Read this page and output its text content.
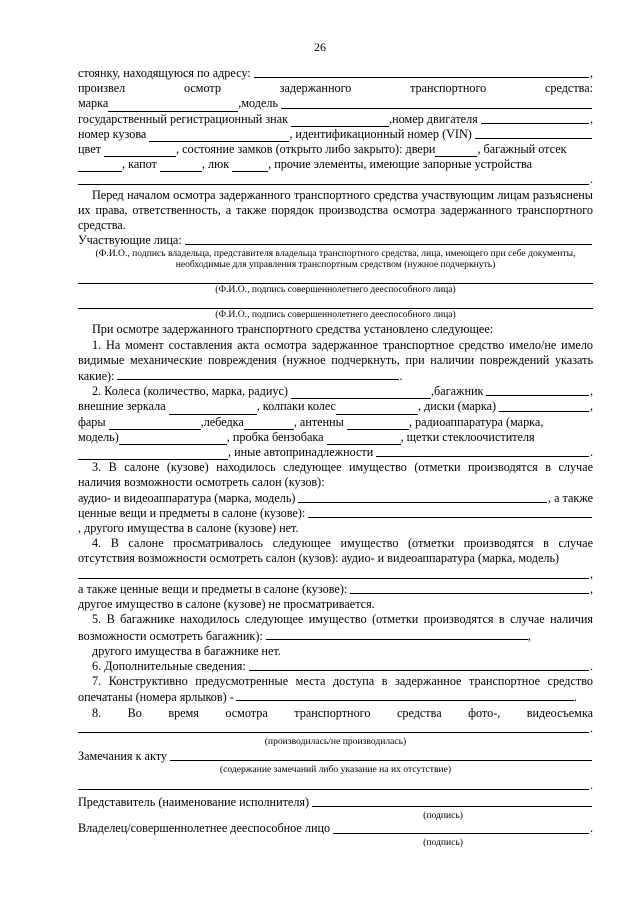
26
стоянку, находящуюся по адресу:	,

произвел	осмотр	задержанного	транспортного	средства:

марка	,модель
государственный регистрационный знак
	,номер двигателя	,
номер кузова	, идентификационный номер (VIN)
цвет
	, состояние замков (открыто либо закрыто): двери	, багажный отсек
, капот
	, люк
	, прочие элементы, имеющие запорные устройства
.

Перед началом осмотра задержанного транспортного средства участвующим лицам разъяснены их права, ответственность, а также порядок производства осмотра задержанного транспортного средства.

Участвующие лица:

(Ф.И.О., подпись владельца, представителя владельца транспортного средства, лица, имеющего при себе документы, необходимые для управления транспортным средством (нужное подчеркнуть)

(Ф.И.О., подпись совершеннолетнего дееспособного лица)

(Ф.И.О., подпись совершеннолетнего дееспособного лица)

При осмотре задержанного транспортного средства установлено следующее:

1. На момент составления акта осмотра задержанное транспортное средство имело/не имело видимые механические повреждения (нужное подчеркнуть, при наличии повреждений указать какие):	.

2. Колеса (количество, марка, радиус)	,багажник	,
внешние зеркала
	, колпаки колес	, диски (марка)	,
фары
	,лебедка	, антенны
	, радиоаппаратура (марка,
модель)	, пробка бензобака
	, щетки стеклоочистителя
, иные автопринадлежности	.

3. В салоне (кузове) находилось следующее имущество (отметки производятся в случае наличия возможности осмотреть салон (кузов):

аудио- и видеоаппаратура (марка, модель)	, а также
ценные вещи и предметы в салоне (кузове):

, другого имущества в салоне (кузове) нет.

4. В салоне просматривалось следующее имущество (отметки производятся в случае отсутствия возможности осмотреть салон (кузов): аудио- и видеоаппаратура (марка, модель)

,
а также ценные вещи и предметы в салоне (кузове):	,

другое имущество в салоне (кузове) не просматривается.

5. В багажнике находилось следующее имущество (отметки производятся в случае наличия возможности осмотреть багажник):	,

другого имущества в багажнике нет.

6. Дополнительные сведения:	.

7. Конструктивно предусмотренные места доступа в задержанное транспортное средство опечатаны (номера ярлыков) -	.

8. Во время осмотра транспортного средства фото-, видеосъемка

.

(производилась/не производилась)

Замечания к акту

(содержание замечаний либо указание на их отсутствие)

.
Представитель (наименование исполнителя)

(подпись)

Владелец/совершеннолетнее дееспособное лицо	.

(подпись)
